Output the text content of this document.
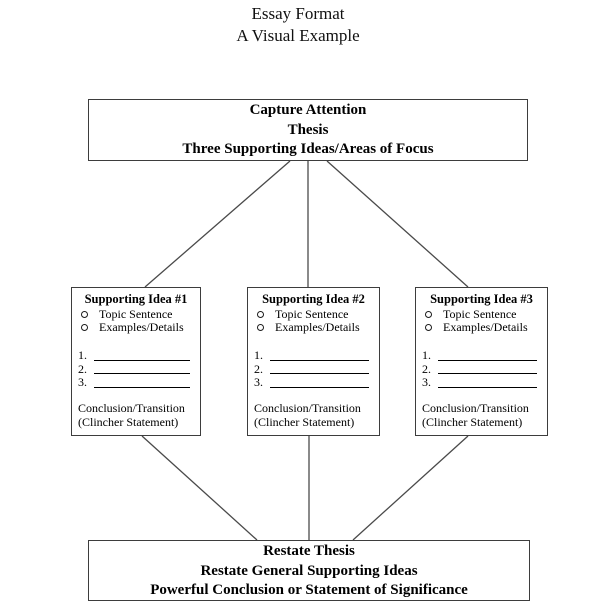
Essay Format
A Visual Example
Capture Attention
Thesis
Three Supporting Ideas/Areas of Focus
Supporting Idea #1
Topic Sentence
Examples/Details
1.
2.
3.
Conclusion/Transition
(Clincher Statement)
Supporting Idea #2
Topic Sentence
Examples/Details
1.
2.
3.
Conclusion/Transition
(Clincher Statement)
Supporting Idea #3
Topic Sentence
Examples/Details
1.
2.
3.
Conclusion/Transition
(Clincher Statement)
Restate Thesis
Restate General Supporting Ideas
Powerful Conclusion or Statement of Significance
